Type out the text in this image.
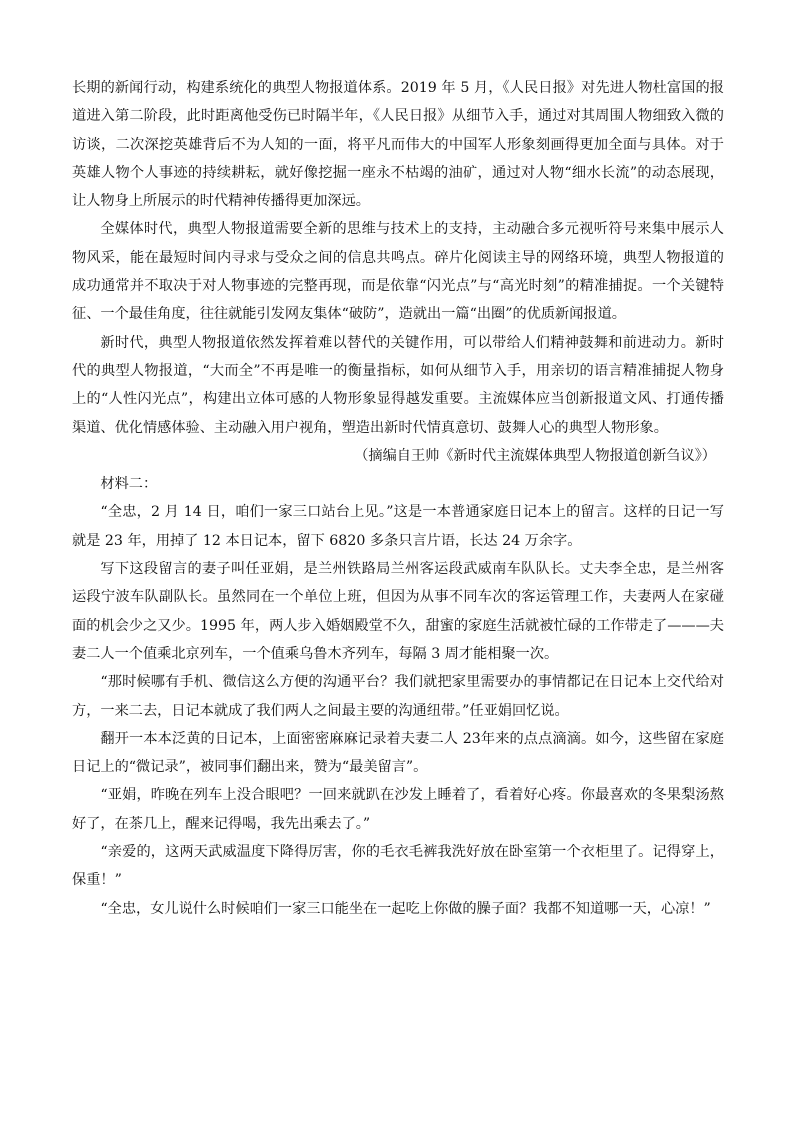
长期的新闻行动，构建系统化的典型人物报道体系。2019 年 5 月，《人民日报》对先进人物杜富国的报道进入第二阶段，此时距离他受伤已时隔半年，《人民日报》从细节入手，通过对其周围人物细致入微的访谈，二次深挖英雄背后不为人知的一面，将平凡而伟大的中国军人形象刻画得更加全面与具体。对于英雄人物个人事迹的持续耕耘，就好像挖掘一座永不枯竭的油矿，通过对人物“细水长流”的动态展现，让人物身上所展示的时代精神传播得更加深远。

全媒体时代，典型人物报道需要全新的思维与技术上的支持，主动融合多元视听符号来集中展示人物风采，能在最短时间内寻求与受众之间的信息共鸣点。碎片化阅读主导的网络环境，典型人物报道的成功通常并不取决于对人物事迹的完整再现，而是依靠“闪光点”与“高光时刻”的精准捕捉。一个关键特征、一个最佳角度，往往就能引发网友集体“破防”，造就出一篇“出圈”的优质新闻报道。

新时代，典型人物报道依然发挥着难以替代的关键作用，可以带给人们精神鼓舞和前进动力。新时代的典型人物报道，“大而全”不再是唯一的衡量指标，如何从细节入手，用亲切的语言精准捕捉人物身上的“人性闪光点”，构建出立体可感的人物形象显得越发重要。主流媒体应当创新报道文风、打通传播渠道、优化情感体验、主动融入用户视角，塑造出新时代情真意切、鼓舞人心的典型人物形象。

（摘编自王帅《新时代主流媒体典型人物报道创新刍议》）

材料二：

“全忠，2 月 14 日，咱们一家三口站台上见。”这是一本普通家庭日记本上的留言。这样的日记一写就是 23 年，用掉了 12 本日记本，留下 6820 多条只言片语，长达 24 万余字。

写下这段留言的妻子叫任亚娟，是兰州铁路局兰州客运段武威南车队队长。丈夫李全忠，是兰州客运段宁波车队副队长。虽然同在一个单位上班，但因为从事不同车次的客运管理工作，夫妻两人在家碰面的机会少之又少。1995 年，两人步入婚姻殿堂不久，甜蜜的家庭生活就被忙碌的工作带走了———夫妻二人一个值乘北京列车，一个值乘乌鲁木齐列车，每隔 3 周才能相聚一次。

“那时候哪有手机、微信这么方便的沟通平台？我们就把家里需要办的事情都记在日记本上交代给对方，一来二去，日记本就成了我们两人之间最主要的沟通纽带。”任亚娟回忆说。

翻开一本本泛黄的日记本，上面密密麻麻记录着夫妻二人 23年来的点点滴滴。如今，这些留在家庭日记上的“微记录”，被同事们翻出来，赞为“最美留言”。

“亚娟，昨晚在列车上没合眼吧？一回来就趴在沙发上睡着了，看着好心疼。你最喜欢的冬果梨汤熬好了，在茶几上，醒来记得喝，我先出乘去了。”

“亲爱的，这两天武威温度下降得厉害，你的毛衣毛裤我洗好放在卧室第一个衣柜里了。记得穿上，保重！”

“全忠，女儿说什么时候咱们一家三口能坐在一起吃上你做的臊子面？我都不知道哪一天，心凉！”
